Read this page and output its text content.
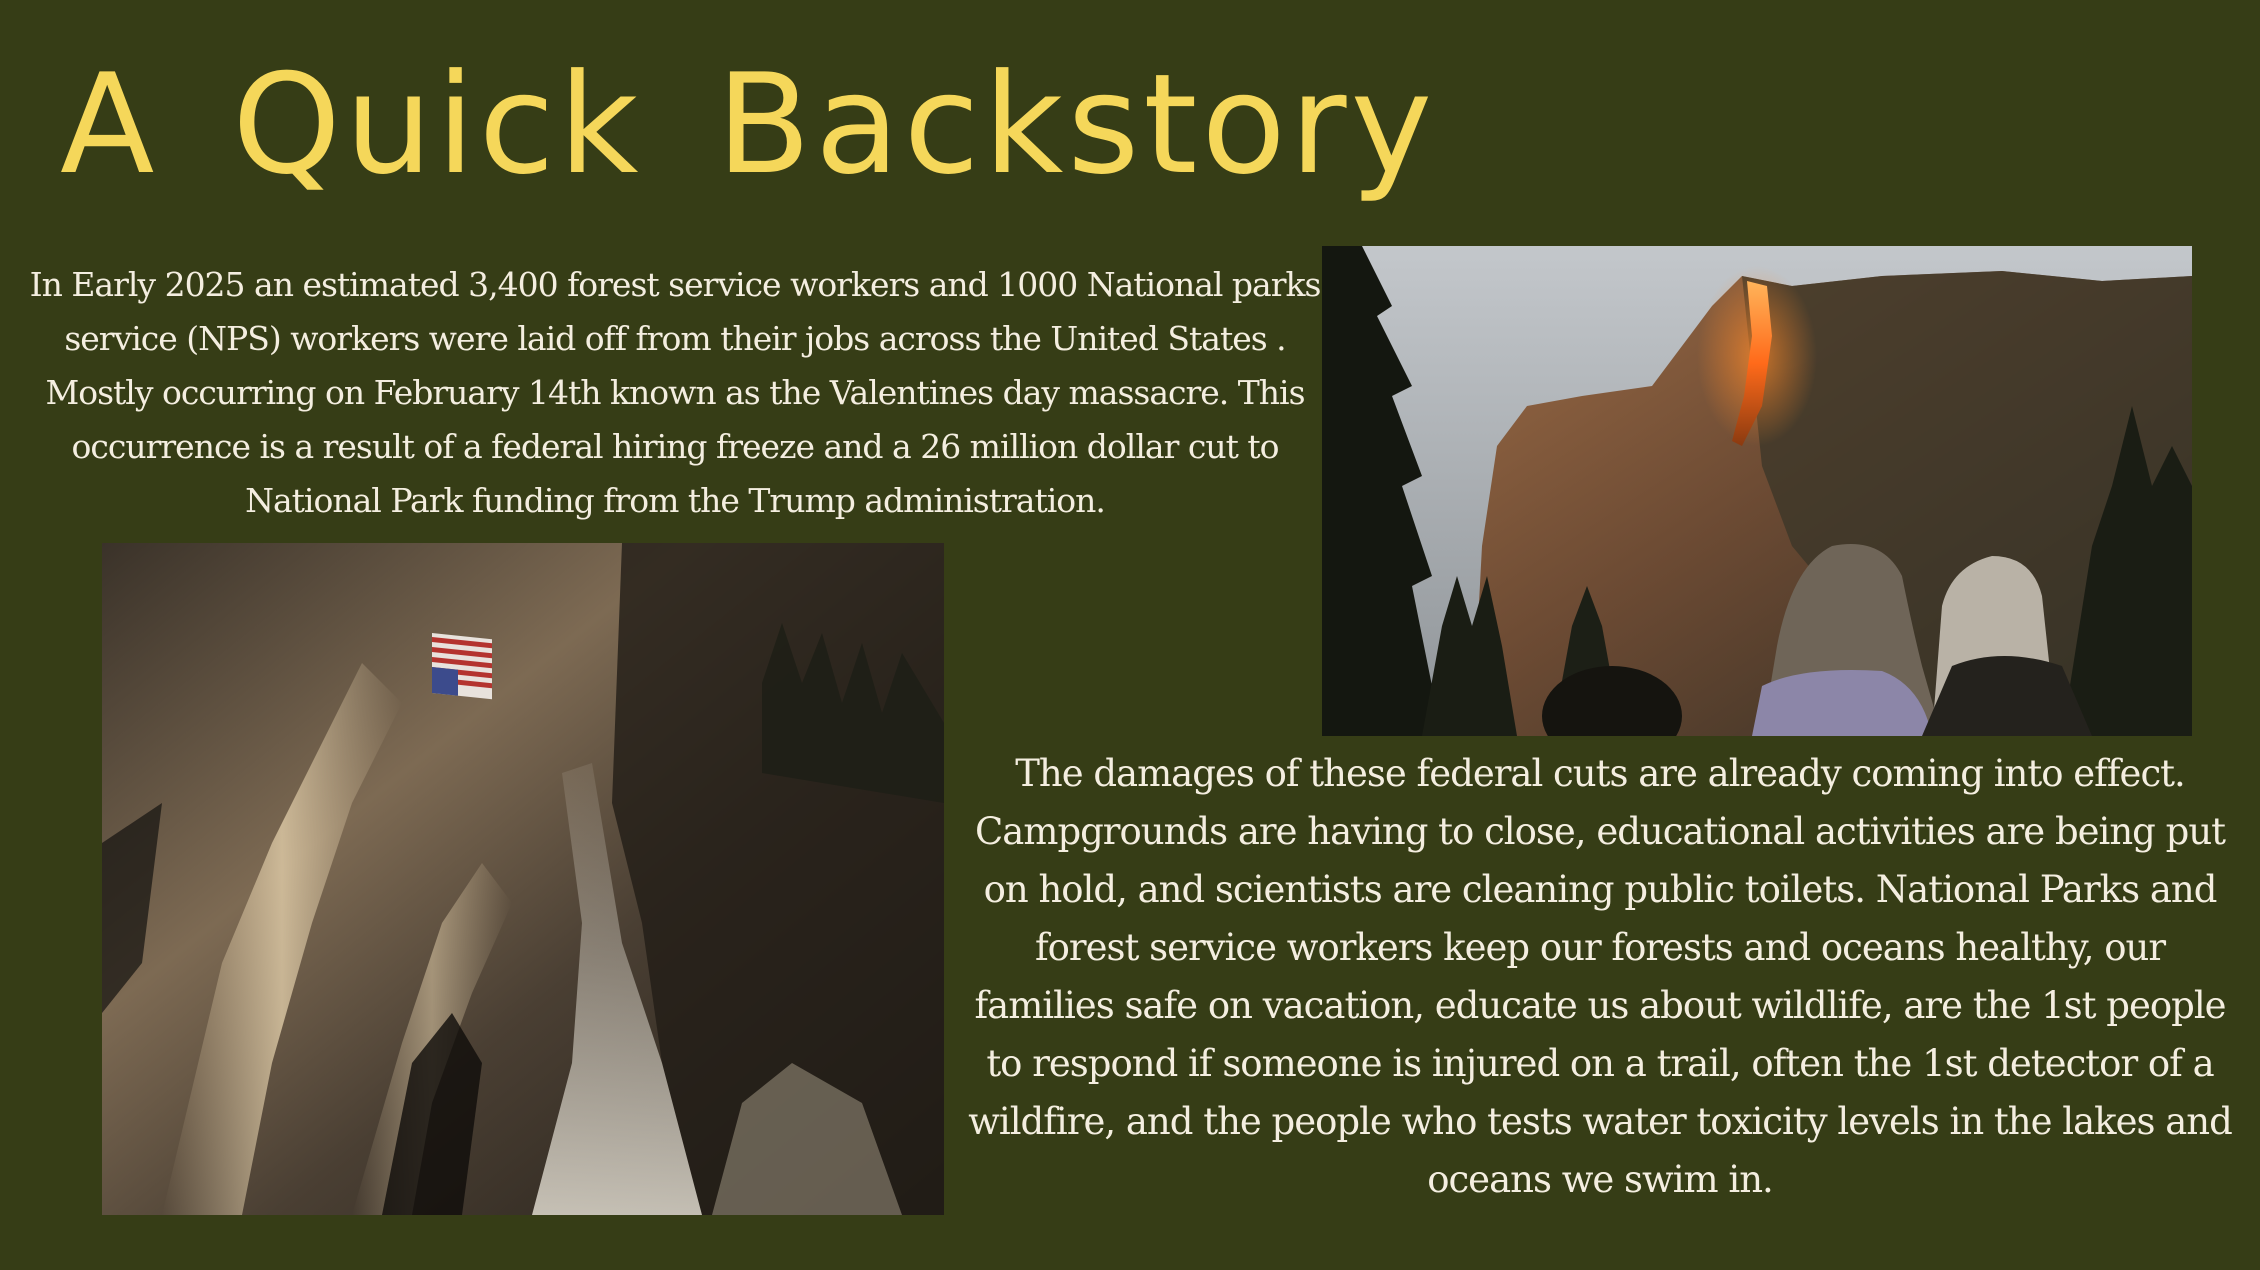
A Quick Backstory

In Early 2025 an estimated 3,400 forest service workers and 1000 National parks service (NPS) workers were laid off from their jobs across the United States . Mostly occurring on February 14th known as the Valentines day massacre. This occurrence is a result of a federal hiring freeze and a 26 million dollar cut to National Park funding from the Trump administration.

The damages of these federal cuts are already coming into effect. Campgrounds are having to close, educational activities are being put on hold, and scientists are cleaning public toilets. National Parks and forest service workers keep our forests and oceans healthy, our families safe on vacation, educate us about wildlife, are the 1st people to respond if someone is injured on a trail, often the 1st detector of a wildfire, and the people who tests water toxicity levels in the lakes and oceans we swim in.
